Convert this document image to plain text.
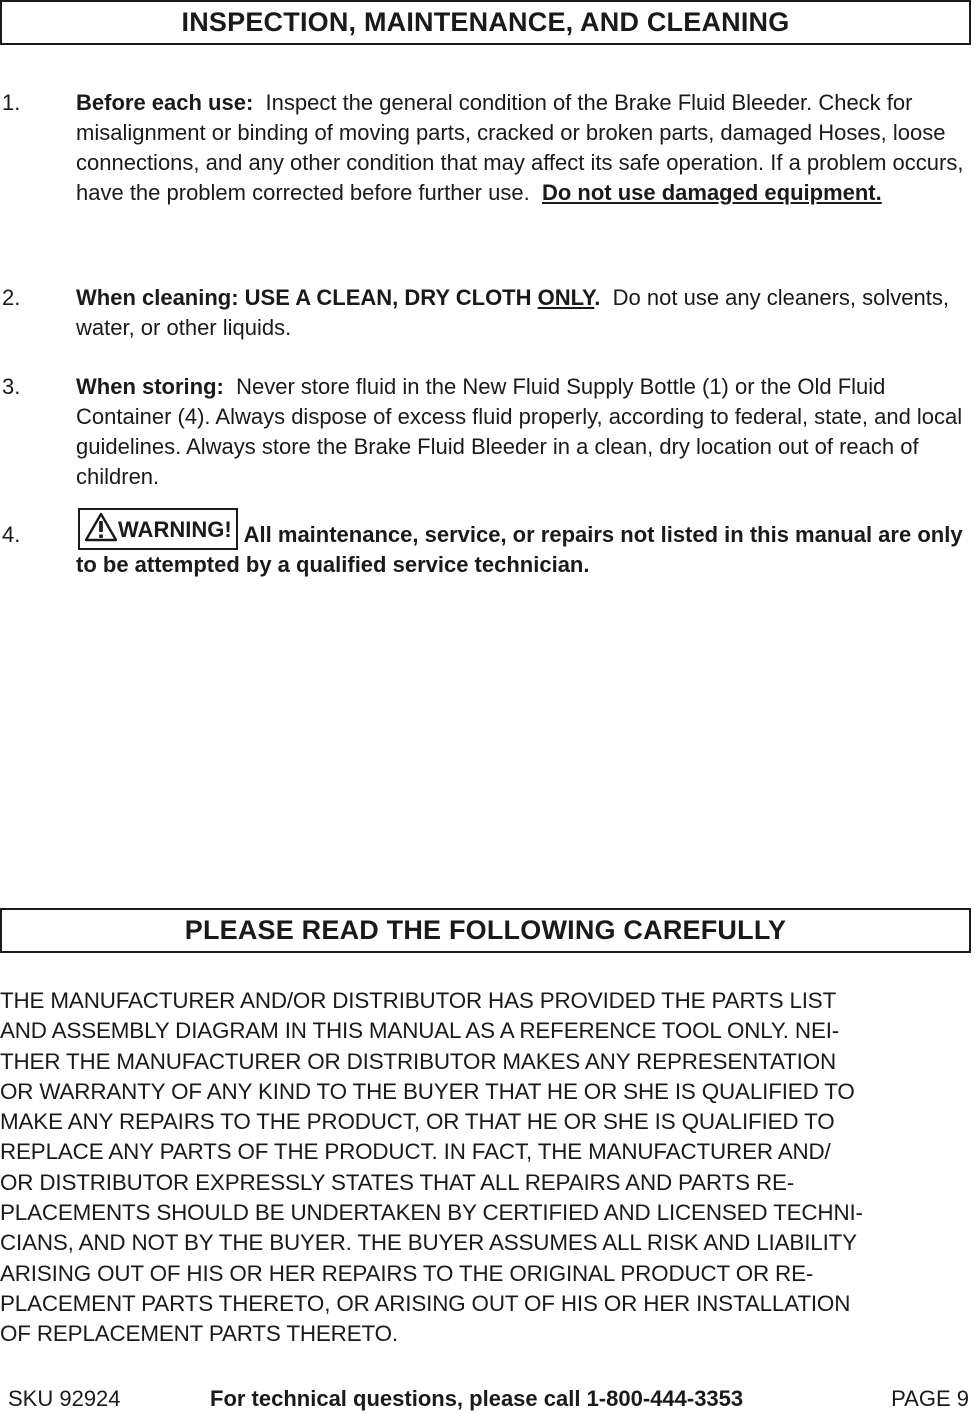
INSPECTION, MAINTENANCE, AND CLEANING
1.	Before each use: Inspect the general condition of the Brake Fluid Bleeder. Check for misalignment or binding of moving parts, cracked or broken parts, damaged Hoses, loose connections, and any other condition that may affect its safe operation. If a problem occurs, have the problem corrected before further use. Do not use damaged equipment.
2.	When cleaning: USE A CLEAN, DRY CLOTH ONLY. Do not use any cleaners, solvents, water, or other liquids.
3.	When storing: Never store fluid in the New Fluid Supply Bottle (1) or the Old Fluid Container (4). Always dispose of excess fluid properly, according to federal, state, and local guidelines. Always store the Brake Fluid Bleeder in a clean, dry location out of reach of children.
4.	WARNING! All maintenance, service, or repairs not listed in this manual are only to be attempted by a qualified service technician.
PLEASE READ THE FOLLOWING CAREFULLY
THE MANUFACTURER AND/OR DISTRIBUTOR HAS PROVIDED THE PARTS LIST
AND ASSEMBLY DIAGRAM IN THIS MANUAL AS A REFERENCE TOOL ONLY. NEI-
THER THE MANUFACTURER OR DISTRIBUTOR MAKES ANY REPRESENTATION
OR WARRANTY OF ANY KIND TO THE BUYER THAT HE OR SHE IS QUALIFIED TO
MAKE ANY REPAIRS TO THE PRODUCT, OR THAT HE OR SHE IS QUALIFIED TO
REPLACE ANY PARTS OF THE PRODUCT. IN FACT, THE MANUFACTURER AND/
OR DISTRIBUTOR EXPRESSLY STATES THAT ALL REPAIRS AND PARTS RE-
PLACEMENTS SHOULD BE UNDERTAKEN BY CERTIFIED AND LICENSED TECHNI-
CIANS, AND NOT BY THE BUYER. THE BUYER ASSUMES ALL RISK AND LIABILITY
ARISING OUT OF HIS OR HER REPAIRS TO THE ORIGINAL PRODUCT OR RE-
PLACEMENT PARTS THERETO, OR ARISING OUT OF HIS OR HER INSTALLATION
OF REPLACEMENT PARTS THERETO.
SKU 92924	For technical questions, please call 1-800-444-3353	PAGE 9
